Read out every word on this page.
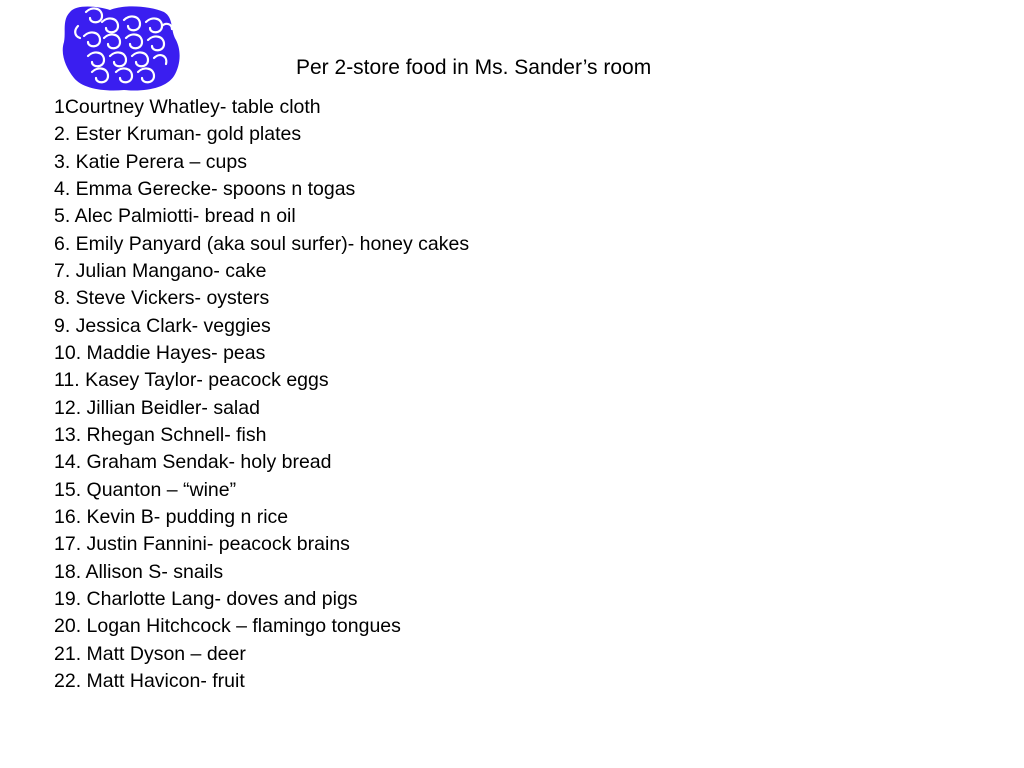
Per 2-store food in Ms. Sander’s room
1Courtney Whatley- table cloth
2. Ester Kruman- gold plates
3. Katie Perera – cups
4. Emma Gerecke- spoons n togas
5. Alec Palmiotti- bread n oil
6. Emily Panyard (aka soul surfer)- honey cakes
7. Julian Mangano- cake
8. Steve Vickers- oysters
9. Jessica Clark- veggies
10. Maddie Hayes- peas
11. Kasey Taylor- peacock eggs
12. Jillian Beidler- salad
13. Rhegan Schnell- fish
14. Graham Sendak- holy bread
15. Quanton – “wine”
16. Kevin B- pudding n rice
17. Justin Fannini- peacock brains
18. Allison S- snails
19. Charlotte Lang- doves and pigs
20. Logan Hitchcock – flamingo tongues
21. Matt Dyson – deer
22. Matt Havicon- fruit
